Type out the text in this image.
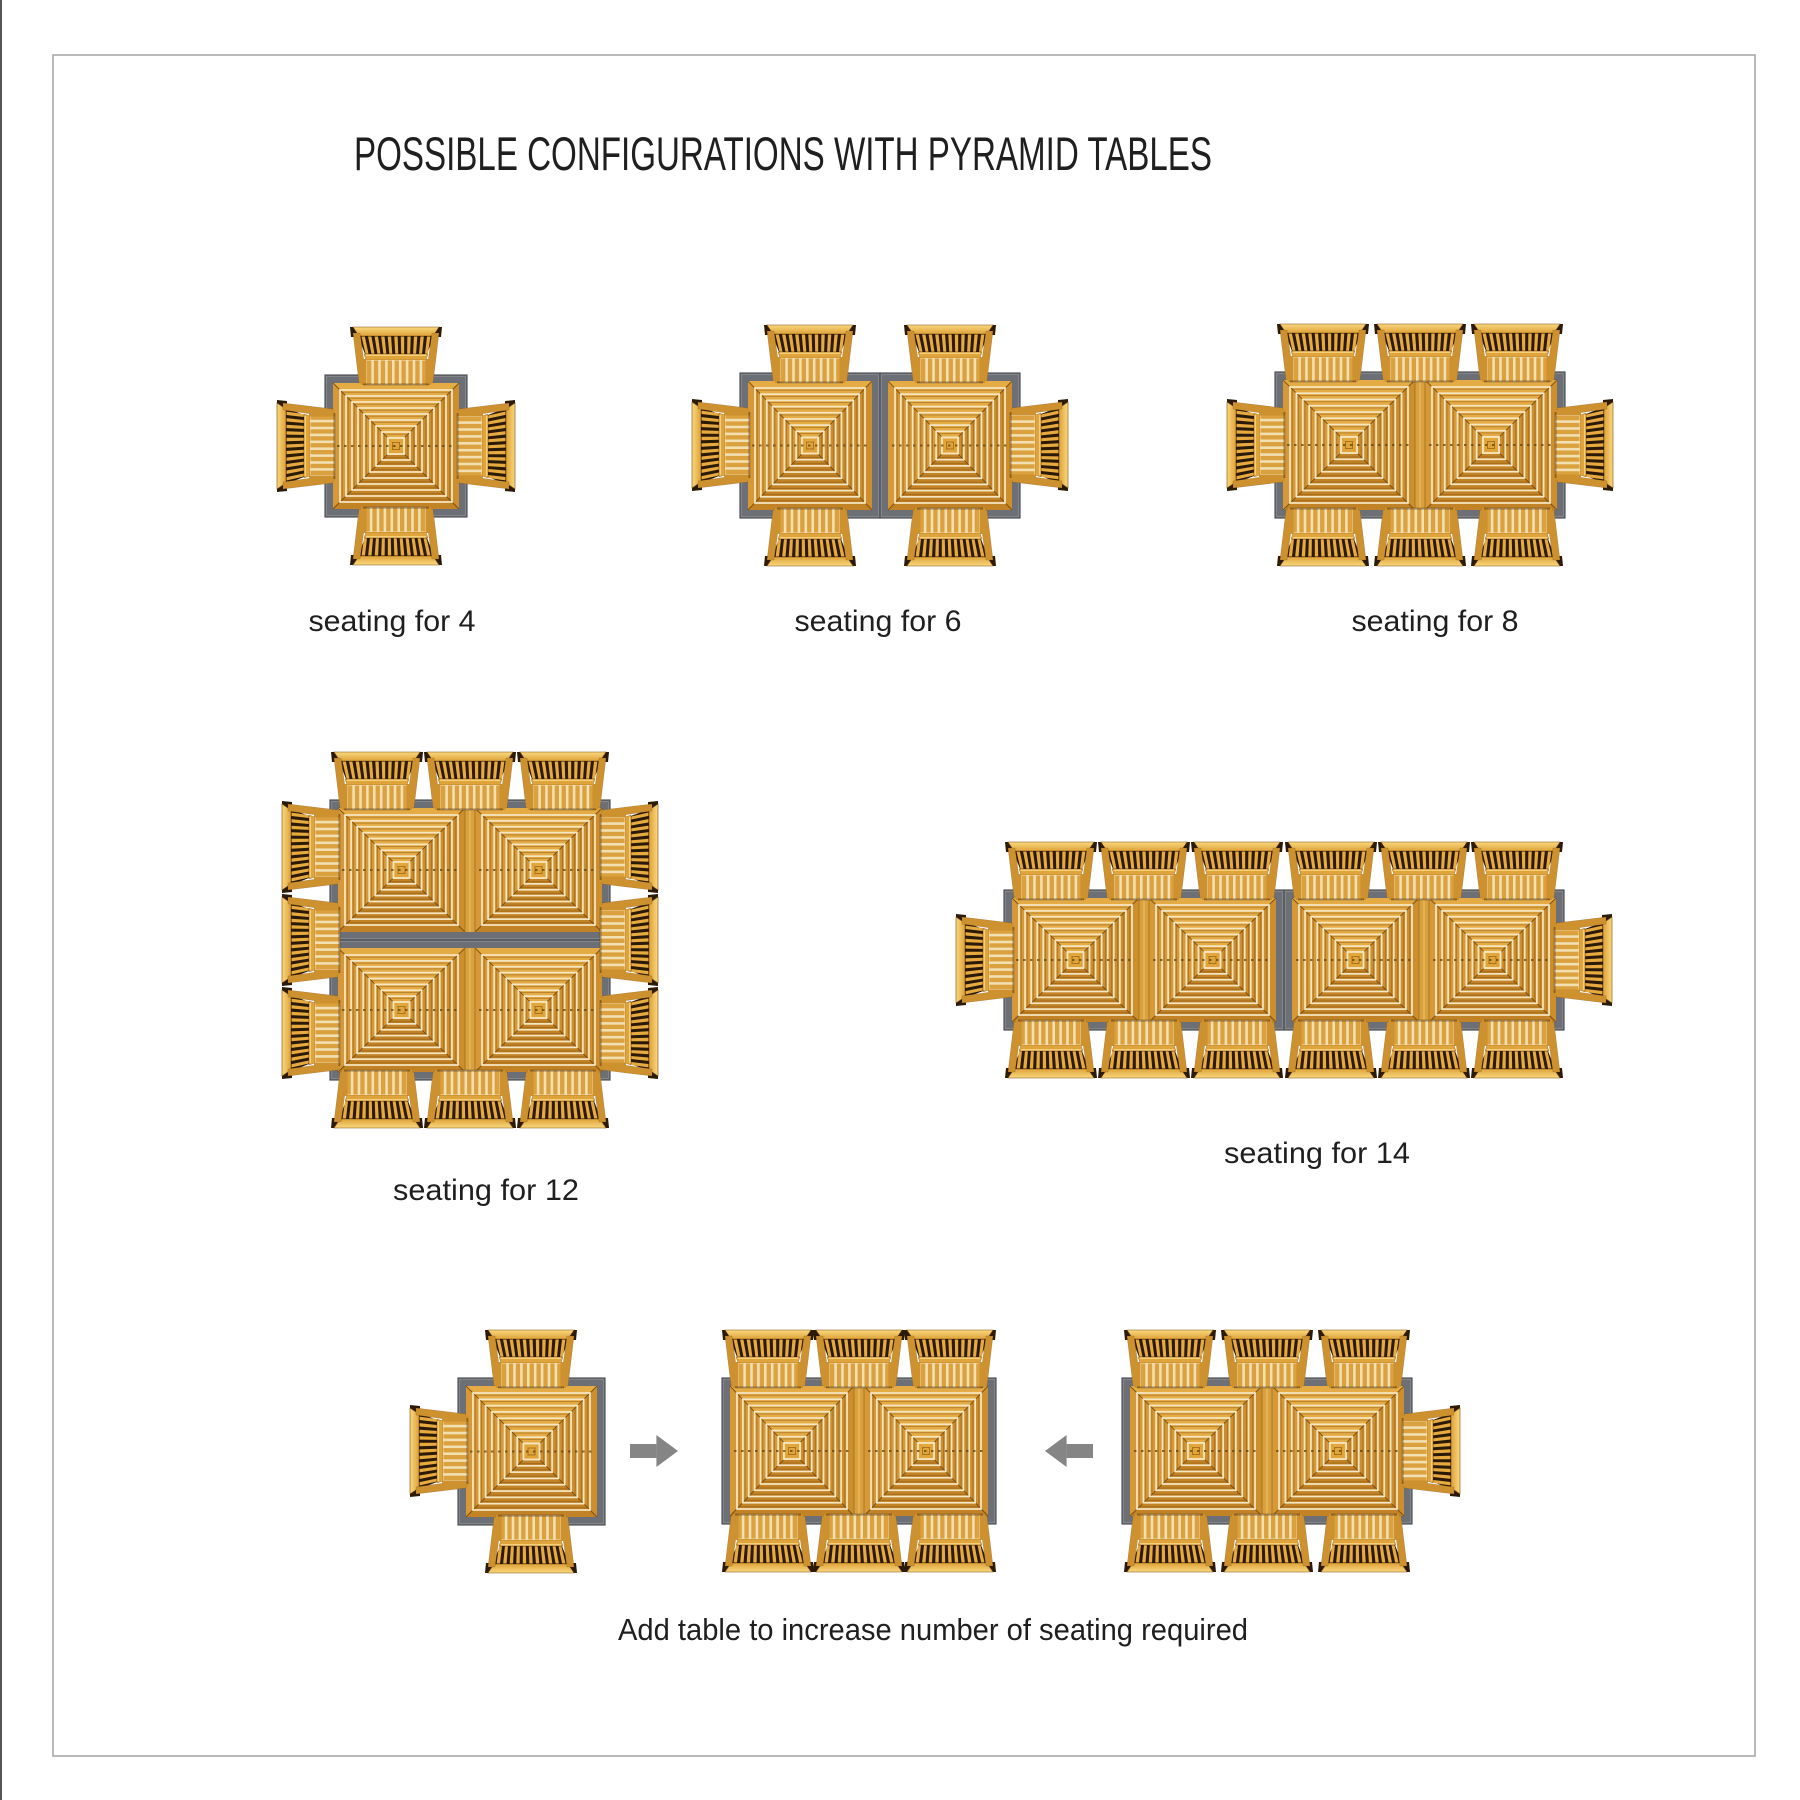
POSSIBLE CONFIGURATIONS WITH PYRAMID TABLES
seating for 4	seating for 6	seating for 8
seating for 12
seating for 14
Add table to increase number of seating required
